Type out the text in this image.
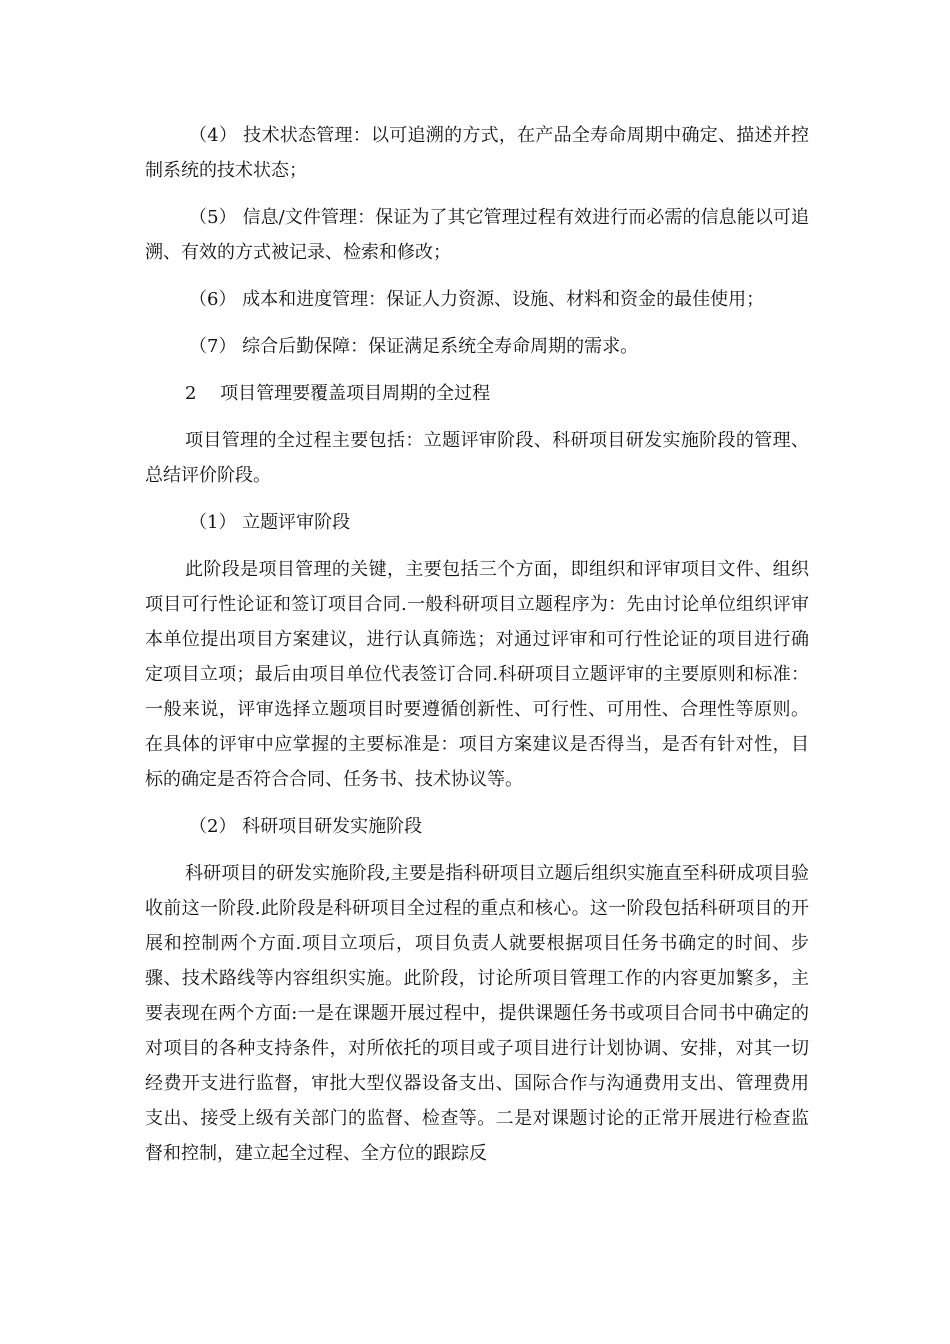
（4） 技术状态管理：以可追溯的方式，在产品全寿命周期中确定、描述并控制系统的技术状态；

（5） 信息/文件管理：保证为了其它管理过程有效进行而必需的信息能以可追溯、有效的方式被记录、检索和修改；

（6） 成本和进度管理：保证人力资源、设施、材料和资金的最佳使用；

（7） 综合后勤保障：保证满足系统全寿命周期的需求。

2　 项目管理要覆盖项目周期的全过程

项目管理的全过程主要包括：立题评审阶段、科研项目研发实施阶段的管理、总结评价阶段。

（1） 立题评审阶段

此阶段是项目管理的关键，主要包括三个方面，即组织和评审项目文件、组织项目可行性论证和签订项目合同.一般科研项目立题程序为：先由讨论单位组织评审本单位提出项目方案建议，进行认真筛选；对通过评审和可行性论证的项目进行确定项目立项；最后由项目单位代表签订合同.科研项目立题评审的主要原则和标准：一般来说，评审选择立题项目时要遵循创新性、可行性、可用性、合理性等原则。在具体的评审中应掌握的主要标准是：项目方案建议是否得当，是否有针对性，目标的确定是否符合合同、任务书、技术协议等。

（2） 科研项目研发实施阶段

科研项目的研发实施阶段,主要是指科研项目立题后组织实施直至科研成项目验收前这一阶段.此阶段是科研项目全过程的重点和核心。这一阶段包括科研项目的开展和控制两个方面.项目立项后，项目负责人就要根据项目任务书确定的时间、步骤、技术路线等内容组织实施。此阶段，讨论所项目管理工作的内容更加繁多，主要表现在两个方面:一是在课题开展过程中，提供课题任务书或项目合同书中确定的对项目的各种支持条件，对所依托的项目或子项目进行计划协调、安排，对其一切经费开支进行监督，审批大型仪器设备支出、国际合作与沟通费用支出、管理费用支出、接受上级有关部门的监督、检查等。二是对课题讨论的正常开展进行检查监督和控制，建立起全过程、全方位的跟踪反
